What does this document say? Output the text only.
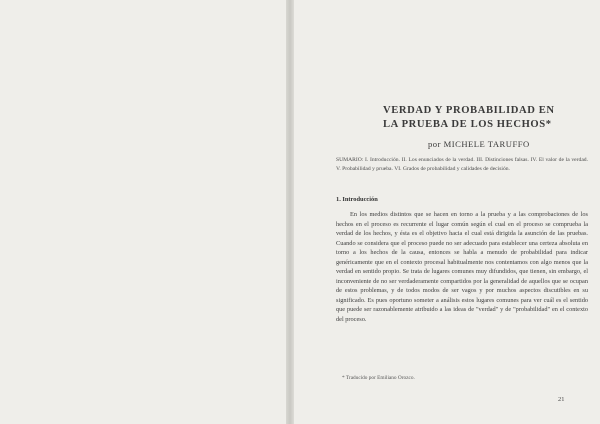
VERDAD Y PROBABILIDAD EN
LA PRUEBA DE LOS HECHOS*
por MICHELE TARUFFO
SUMARIO: I. Introducción. II. Los enunciados de la verdad. III. Distinciones falsas. IV. El valor de la verdad. V. Probabilidad y prueba. VI. Grados de probabilidad y calidades de decisión.
1. Introducción

En los medios distintos que se hacen en torno a la prueba y a las comprobaciones de los hechos en el proceso es recurrente el lugar común según el cual en el proceso se comprueba la verdad de los hechos, y ésta es el objetivo hacia el cual está dirigida la asunción de las pruebas. Cuando se considera que el proceso puede no ser adecuado para establecer una certeza absoluta en torno a los hechos de la causa, entonces se habla a menudo de probabilidad para indicar genéricamente que en el contexto procesal habitualmente nos contentamos con algo menos que la verdad en sentido propio. Se trata de lugares comunes muy difundidos, que tienen, sin embargo, el inconveniente de no ser verdaderamente compartidos por la generalidad de aquellos que se ocupan de estos problemas, y de todos modos de ser vagos y por muchos aspectos discutibles en su significado. Es pues oportuno someter a análisis estos lugares comunes para ver cuál es el sentido que puede ser razonablemente atribuido a las ideas de "verdad" y de "probabilidad" en el contexto del proceso.

* Traducido por Emiliano Orozco.
21
